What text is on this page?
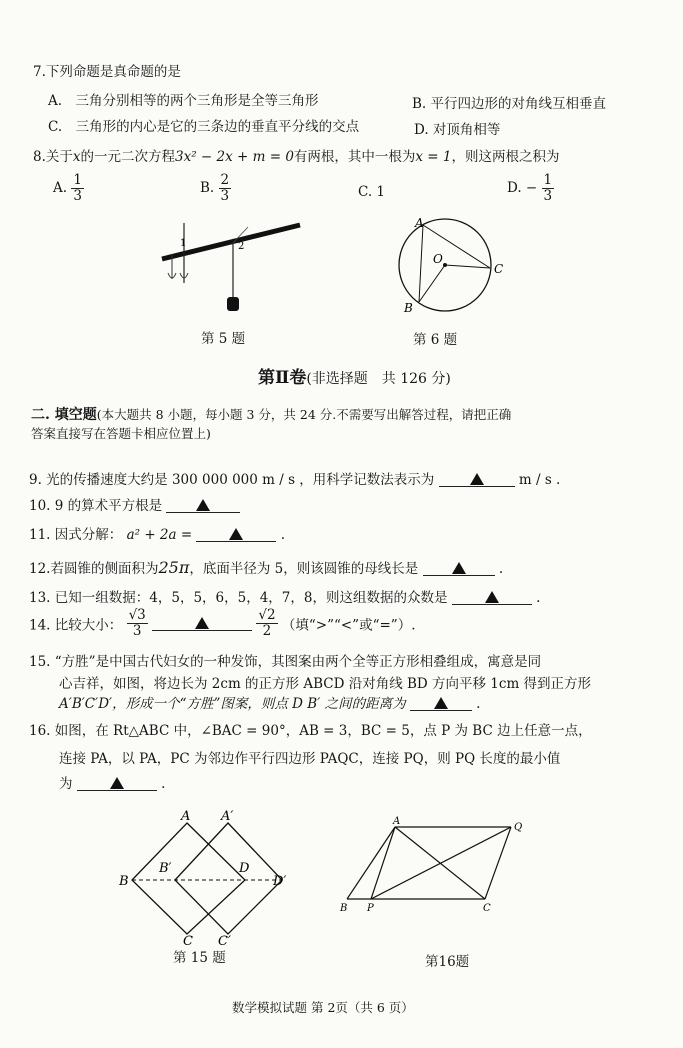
7.下列命题是真命题的是
A.　三角分别相等的两个三角形是全等三角形	B. 平行四边形的对角线互相垂直
C.　三角形的内心是它的三条边的垂直平分线的交点	D. 对顶角相等
8.关于x的一元二次方程3x² − 2x + m = 0有两根，其中一根为x = 1，则这两根之积为
A. $\frac{1}{3}$	B. $\frac{2}{3}$	C. 1	D. − $\frac{1}{3}$
1	2
第 5 题
A
B
C
O
第 6 题
第Ⅱ卷(非选择题　共 126 分)
二. 填空题(本大题共 8 小题，每小题 3 分，共 24 分.不需要写出解答过程，请把正确
答案直接写在答题卡相应位置上)
9. 光的传播速度大约是 300 000 000 m / s ，用科学记数法表示为	m / s .
10. 9 的算术平方根是
11. 因式分解： a² + 2a =	.
12.若圆锥的侧面积为25π，底面半径为 5，则该圆锥的母线长是	.
13. 已知一组数据：4，5，5，6，5，4，7，8，则这组数据的众数是	.
14. 比较大小： $\frac{√3}{3}$
	$\frac{√2}{2}$ （填“>”“<”或“=”）.
15. “方胜”是中国古代妇女的一种发饰，其图案由两个全等正方形相叠组成，寓意是同
心吉祥，如图，将边长为 2cm 的正方形 ABCD 沿对角线 BD 方向平移 1cm 得到正方形
A′B′C′D′，形成一个“方胜”图案，则点 D B′ 之间的距离为	.
16. 如图，在 Rt△ABC 中，∠BAC = 90°，AB = 3，BC = 5，点 P 为 BC 边上任意一点，
连接 PA，以 PA，PC 为邻边作平行四边形 PAQC，连接 PQ，则 PQ 长度的最小值
为	.
A A′
B
B′	D
D′
C C′
第 15 题
A
Q
B P	C
第16题
数学模拟试题 第 2页（共 6 页）
